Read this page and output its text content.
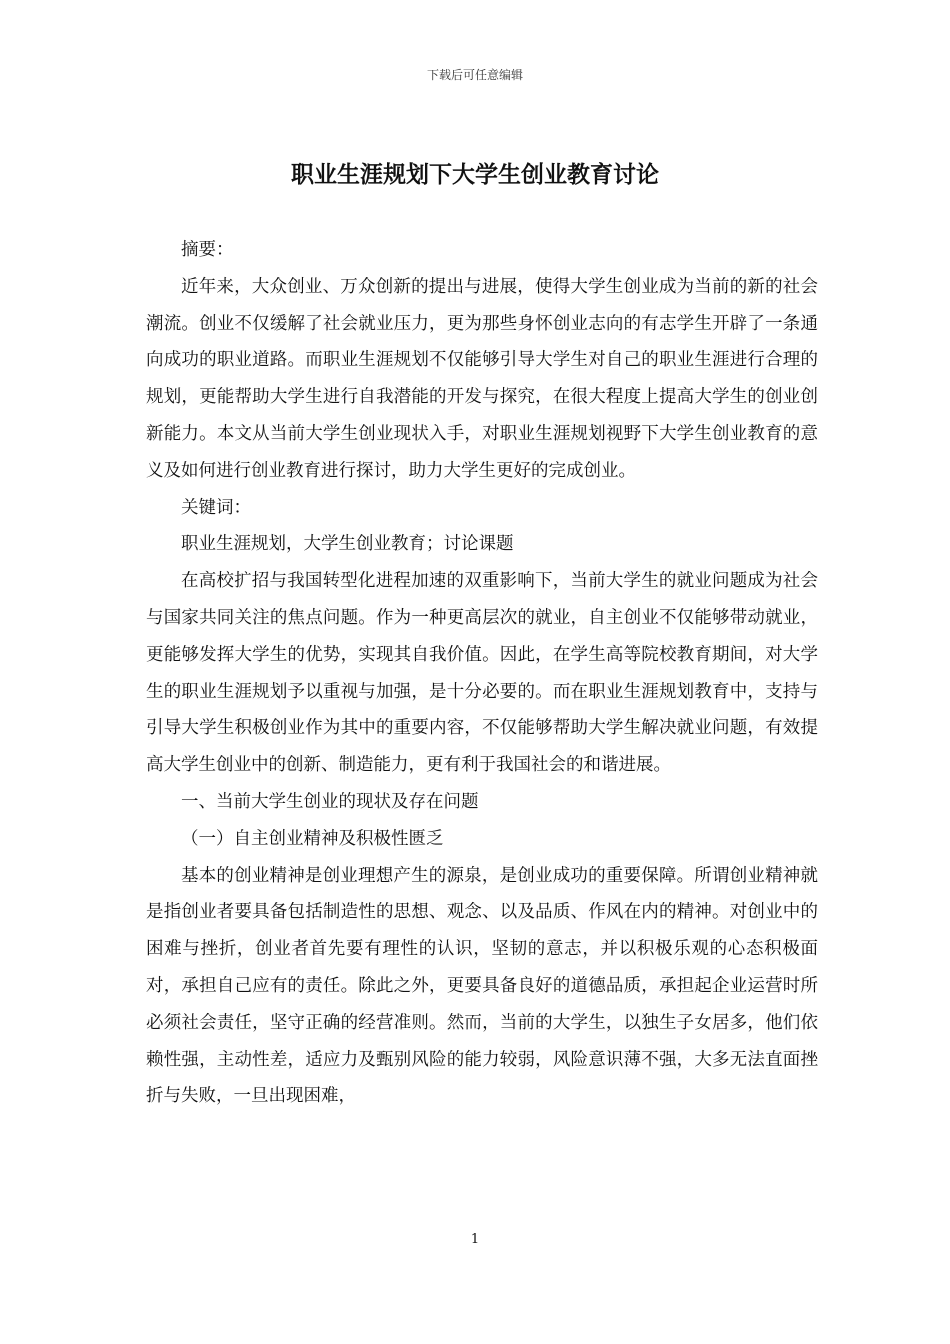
下载后可任意编辑
职业生涯规划下大学生创业教育讨论

摘要：

近年来，大众创业、万众创新的提出与进展，使得大学生创业成为当前的新的社会潮流。创业不仅缓解了社会就业压力，更为那些身怀创业志向的有志学生开辟了一条通向成功的职业道路。而职业生涯规划不仅能够引导大学生对自己的职业生涯进行合理的规划，更能帮助大学生进行自我潜能的开发与探究，在很大程度上提高大学生的创业创新能力。本文从当前大学生创业现状入手，对职业生涯规划视野下大学生创业教育的意义及如何进行创业教育进行探讨，助力大学生更好的完成创业。

关键词：

职业生涯规划，大学生创业教育；讨论课题

在高校扩招与我国转型化进程加速的双重影响下，当前大学生的就业问题成为社会与国家共同关注的焦点问题。作为一种更高层次的就业，自主创业不仅能够带动就业，更能够发挥大学生的优势，实现其自我价值。因此，在学生高等院校教育期间，对大学生的职业生涯规划予以重视与加强，是十分必要的。而在职业生涯规划教育中，支持与引导大学生积极创业作为其中的重要内容，不仅能够帮助大学生解决就业问题，有效提高大学生创业中的创新、制造能力，更有利于我国社会的和谐进展。

一、当前大学生创业的现状及存在问题

（一）自主创业精神及积极性匮乏

基本的创业精神是创业理想产生的源泉，是创业成功的重要保障。所谓创业精神就是指创业者要具备包括制造性的思想、观念、以及品质、作风在内的精神。对创业中的困难与挫折，创业者首先要有理性的认识，坚韧的意志，并以积极乐观的心态积极面对，承担自己应有的责任。除此之外，更要具备良好的道德品质，承担起企业运营时所必须社会责任，坚守正确的经营准则。然而，当前的大学生，以独生子女居多，他们依赖性强，主动性差，适应力及甄别风险的能力较弱，风险意识薄不强，大多无法直面挫折与失败，一旦出现困难，

1
